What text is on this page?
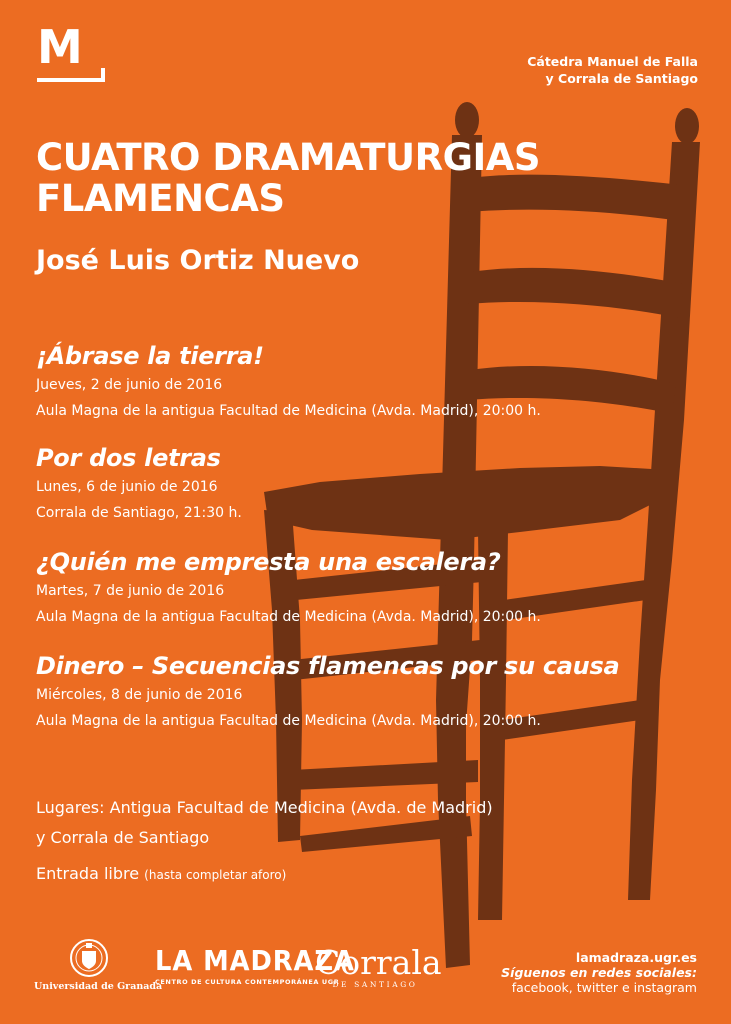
M	Cátedra Manuel de Falla
y Corrala de Santiago
CUATRO DRAMATURGIAS
FLAMENCAS
José Luis Ortiz Nuevo
¡Ábrase la tierra!
Jueves, 2 de junio de 2016
Aula Magna de la antigua Facultad de Medicina (Avda. Madrid), 20:00 h.
Por dos letras
Lunes, 6 de junio de 2016
Corrala de Santiago, 21:30 h.
¿Quién me empresta una escalera?
Martes, 7 de junio de 2016
Aula Magna de la antigua Facultad de Medicina (Avda. Madrid), 20:00 h.
Dinero – Secuencias flamencas por su causa
Miércoles, 8 de junio de 2016
Aula Magna de la antigua Facultad de Medicina (Avda. Madrid), 20:00 h.
Lugares: Antigua Facultad de Medicina (Avda. de Madrid)
y Corrala de Santiago
Entrada libre (hasta completar aforo)
Universidad de Granada
LA MADRAZA
CENTRO DE CULTURA CONTEMPORÁNEA UGR
Corrala
DE SANTIAGO
lamadraza.ugr.es
Síguenos en redes sociales:
facebook, twitter e instagram
